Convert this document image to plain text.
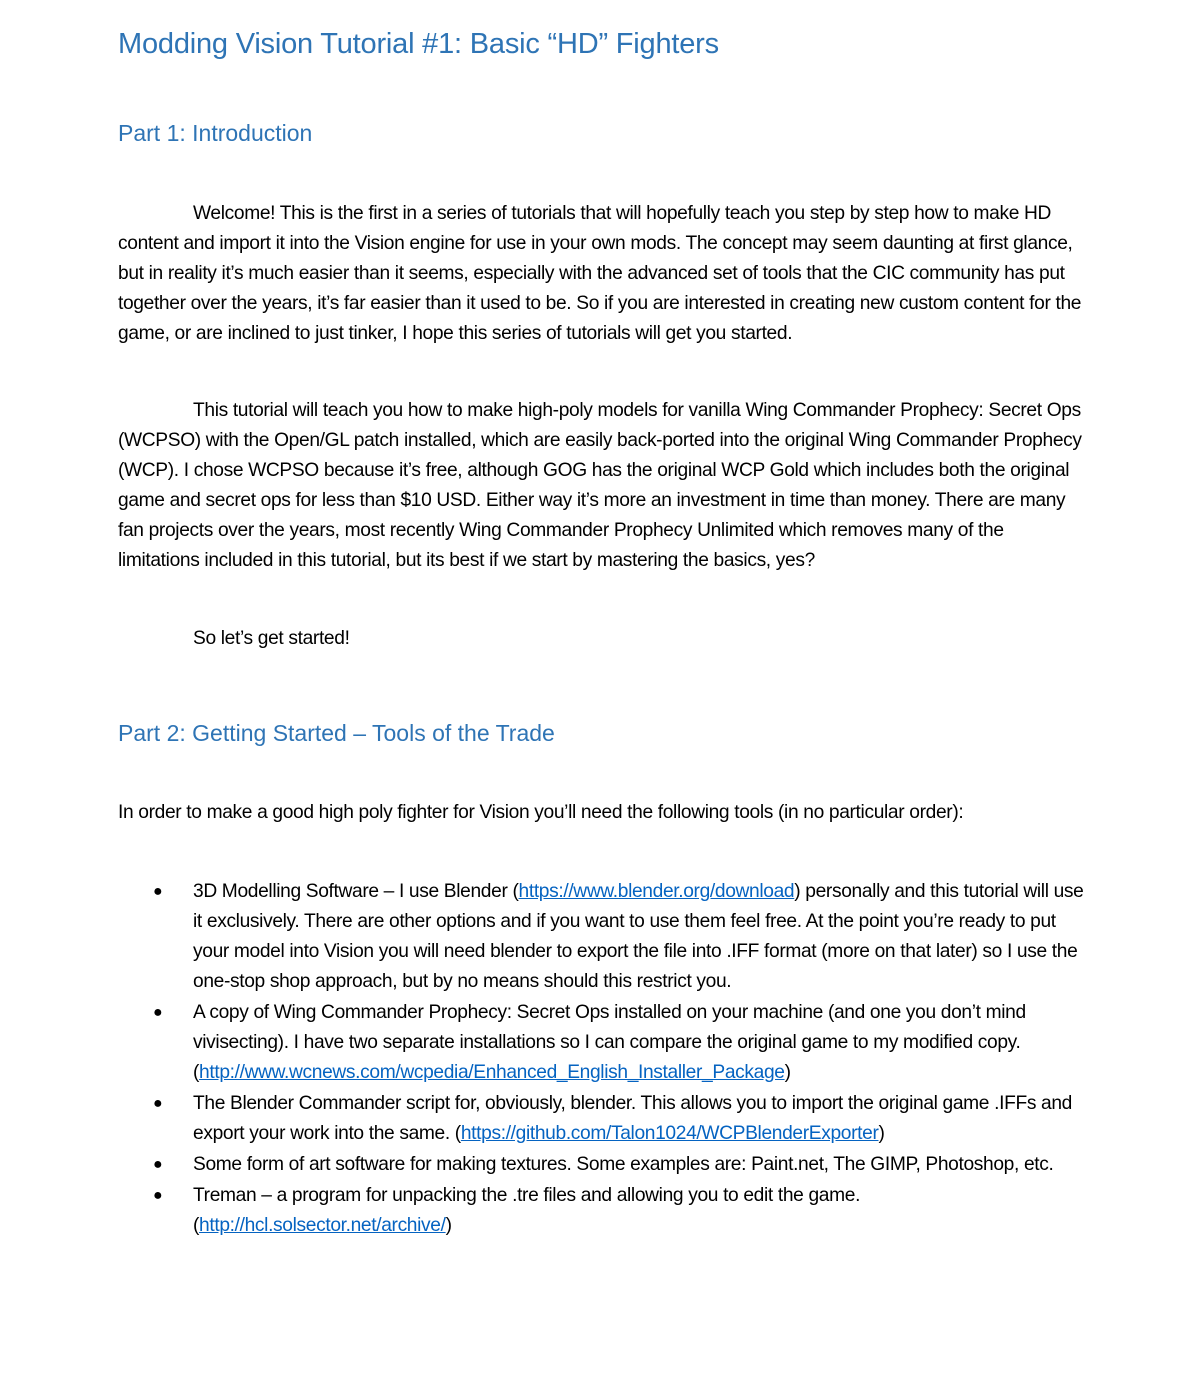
Modding Vision Tutorial #1: Basic “HD” Fighters
Part 1: Introduction

Welcome! This is the first in a series of tutorials that will hopefully teach you step by step how to make HD content and import it into the Vision engine for use in your own mods. The concept may seem daunting at first glance, but in reality it’s much easier than it seems, especially with the advanced set of tools that the CIC community has put together over the years, it’s far easier than it used to be. So if you are interested in creating new custom content for the game, or are inclined to just tinker, I hope this series of tutorials will get you started.

This tutorial will teach you how to make high-poly models for vanilla Wing Commander Prophecy: Secret Ops (WCPSO) with the Open/GL patch installed, which are easily back-ported into the original Wing Commander Prophecy (WCP). I chose WCPSO because it’s free, although GOG has the original WCP Gold which includes both the original game and secret ops for less than $10 USD. Either way it’s more an investment in time than money. There are many fan projects over the years, most recently Wing Commander Prophecy Unlimited which removes many of the limitations included in this tutorial, but its best if we start by mastering the basics, yes?

So let’s get started!

Part 2: Getting Started – Tools of the Trade

In order to make a good high poly fighter for Vision you’ll need the following tools (in no particular order):

● 3D Modelling Software – I use Blender (https://www.blender.org/download) personally and this tutorial will use it exclusively. There are other options and if you want to use them feel free. At the point you’re ready to put your model into Vision you will need blender to export the file into .IFF format (more on that later) so I use the one-stop shop approach, but by no means should this restrict you.
● A copy of Wing Commander Prophecy: Secret Ops installed on your machine (and one you don’t mind vivisecting). I have two separate installations so I can compare the original game to my modified copy. (http://www.wcnews.com/wcpedia/Enhanced_English_Installer_Package)
● The Blender Commander script for, obviously, blender. This allows you to import the original game .IFFs and export your work into the same. (https://github.com/Talon1024/WCPBlenderExporter)
● Some form of art software for making textures. Some examples are: Paint.net, The GIMP, Photoshop, etc.
● Treman – a program for unpacking the .tre files and allowing you to edit the game. (http://hcl.solsector.net/archive/)
